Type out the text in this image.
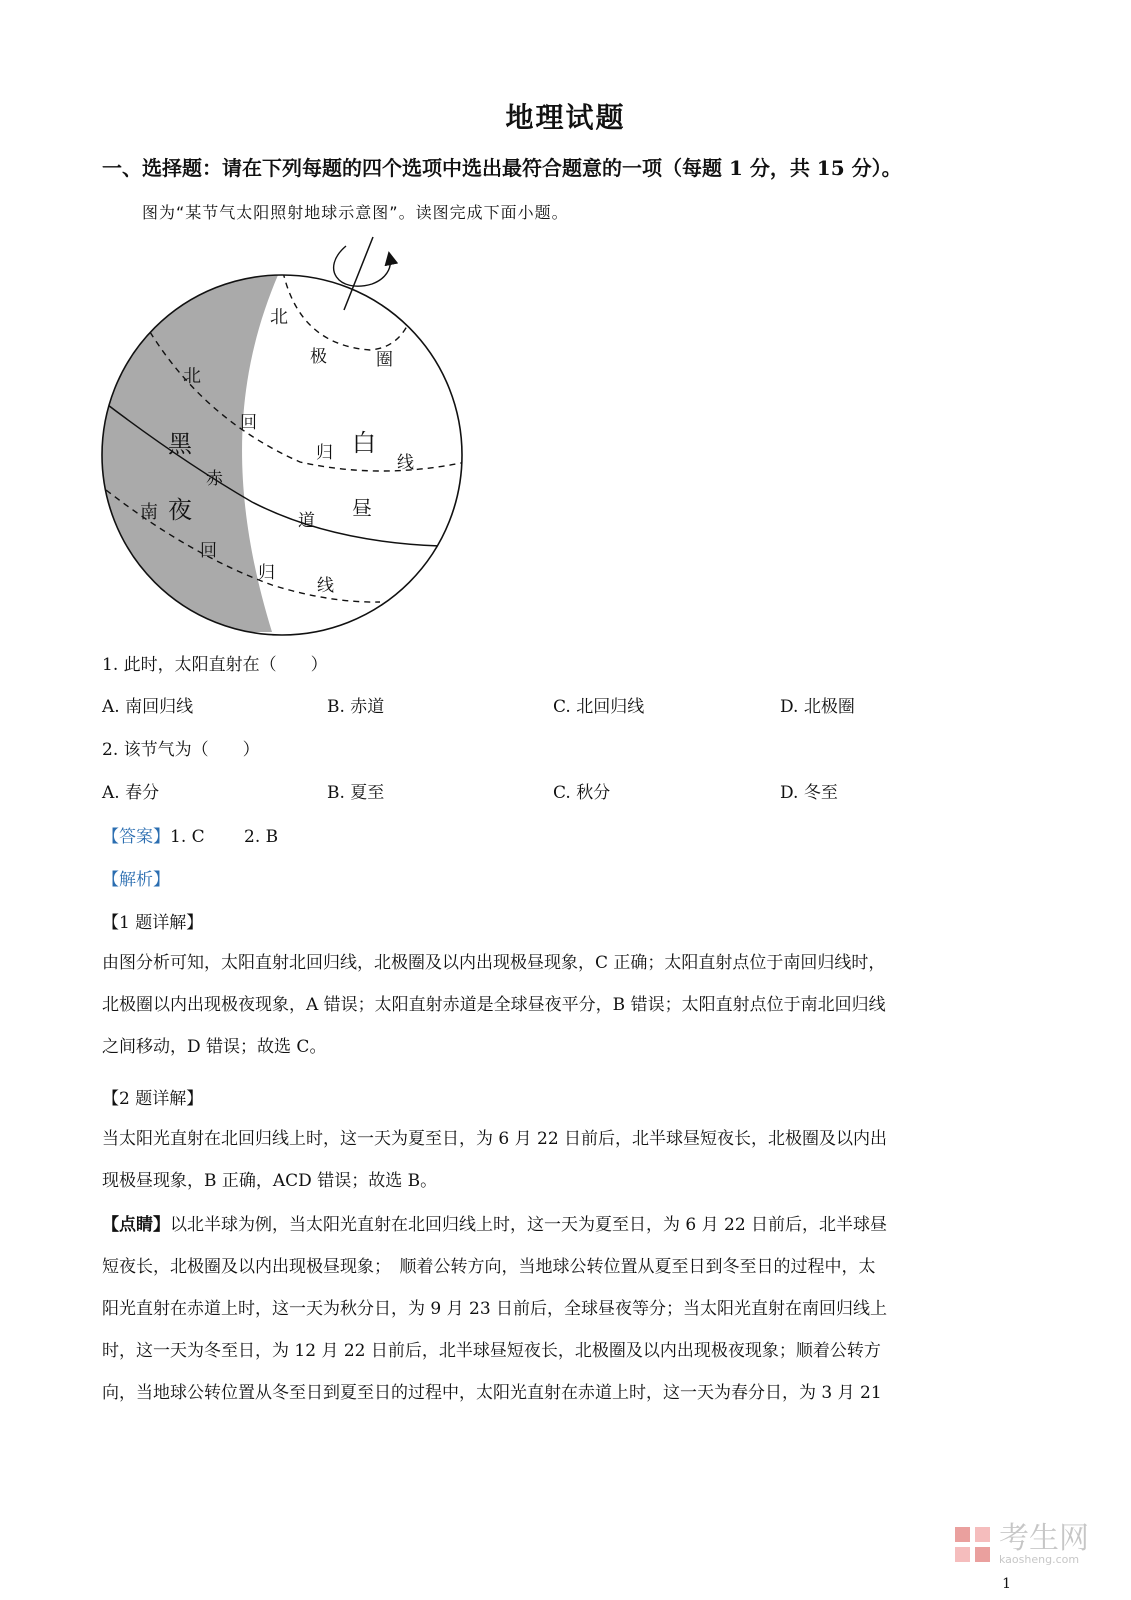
地理试题
一、选择题：请在下列每题的四个选项中选出最符合题意的一项（每题 1 分，共 15 分）。
图为“某节气太阳照射地球示意图”。读图完成下面小题。
北
极	圈
北
回
归	线
黑
赤
白
南 夜	道
昼
回
归
线
1. 此时，太阳直射在（　　）
A. 南回归线	B. 赤道	C. 北回归线	D. 北极圈
2. 该节气为（　　）
A. 春分	B. 夏至	C. 秋分	D. 冬至
【答案】1. C　　 2. B
【解析】
【1 题详解】

由图分析可知，太阳直射北回归线，北极圈及以内出现极昼现象，C 正确；太阳直射点位于南回归线时，

北极圈以内出现极夜现象，A 错误；太阳直射赤道是全球昼夜平分，B 错误；太阳直射点位于南北回归线

之间移动，D 错误；故选 C。

【2 题详解】

当太阳光直射在北回归线上时，这一天为夏至日，为 6 月 22 日前后，北半球昼短夜长，北极圈及以内出

现极昼现象，B 正确，ACD 错误；故选 B。

【点睛】以北半球为例，当太阳光直射在北回归线上时，这一天为夏至日，为 6 月 22 日前后，北半球昼

短夜长，北极圈及以内出现极昼现象；　顺着公转方向，当地球公转位置从夏至日到冬至日的过程中，太

阳光直射在赤道上时，这一天为秋分日，为 9 月 23 日前后，全球昼夜等分；当太阳光直射在南回归线上

时，这一天为冬至日，为 12 月 22 日前后，北半球昼短夜长，北极圈及以内出现极夜现象；顺着公转方

向，当地球公转位置从冬至日到夏至日的过程中，太阳光直射在赤道上时，这一天为春分日，为 3 月 21

考生网
kaosheng.com
1
